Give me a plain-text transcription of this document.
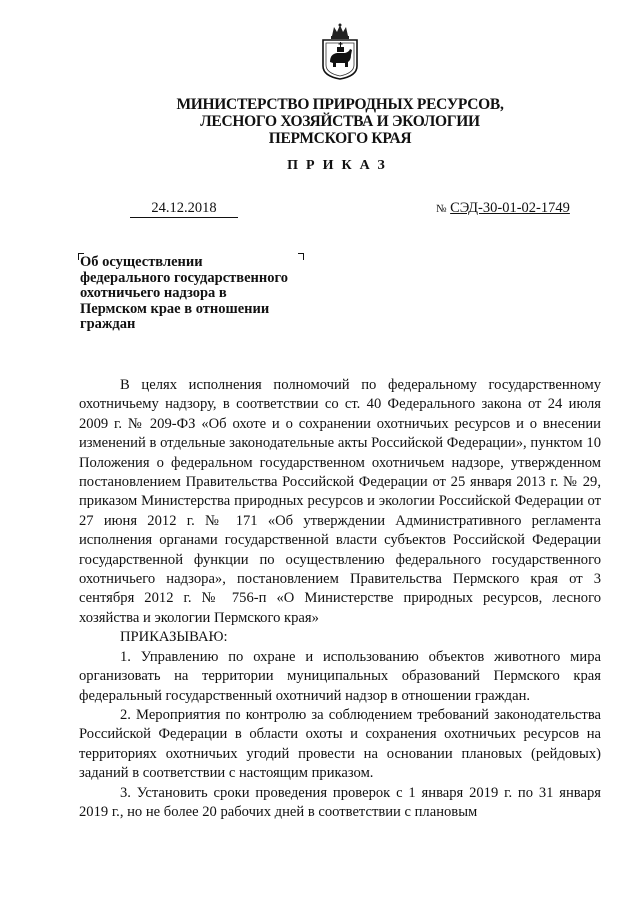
МИНИСТЕРСТВО ПРИРОДНЫХ РЕСУРСОВ,
ЛЕСНОГО ХОЗЯЙСТВА И ЭКОЛОГИИ
ПЕРМСКОГО КРАЯ
ПРИКАЗ
24.12.2018	№ СЭД-30-01-02-1749
Об осуществлении
федерального государственного
охотничьего надзора в
Пермском крае в отношении
граждан

В целях исполнения полномочий по федеральному государственному охотничьему надзору, в соответствии со ст. 40 Федерального закона от 24 июля 2009 г. № 209-ФЗ «Об охоте и о сохранении охотничьих ресурсов и о внесении изменений в отдельные законодательные акты Российской Федерации», пунктом 10 Положения о федеральном государственном охотничьем надзоре, утвержденном постановлением Правительства Российской Федерации от 25 января 2013 г. № 29, приказом Министерства природных ресурсов и экологии Российской Федерации от 27 июня 2012 г. № 171 «Об утверждении Административного регламента исполнения органами государственной власти субъектов Российской Федерации государственной функции по осуществлению федерального государственного охотничьего надзора», постановлением Правительства Пермского края от 3 сентября 2012 г. № 756-п «О Министерстве природных ресурсов, лесного хозяйства и экологии Пермского края»

ПРИКАЗЫВАЮ:

1. Управлению по охране и использованию объектов животного мира организовать на территории муниципальных образований Пермского края федеральный государственный охотничий надзор в отношении граждан.

2. Мероприятия по контролю за соблюдением требований законодательства Российской Федерации в области охоты и сохранения охотничьих ресурсов на территориях охотничьих угодий провести на основании плановых (рейдовых) заданий в соответствии с настоящим приказом.

3. Установить сроки проведения проверок с 1 января 2019 г. по 31 января 2019 г., но не более 20 рабочих дней в соответствии с плановым
